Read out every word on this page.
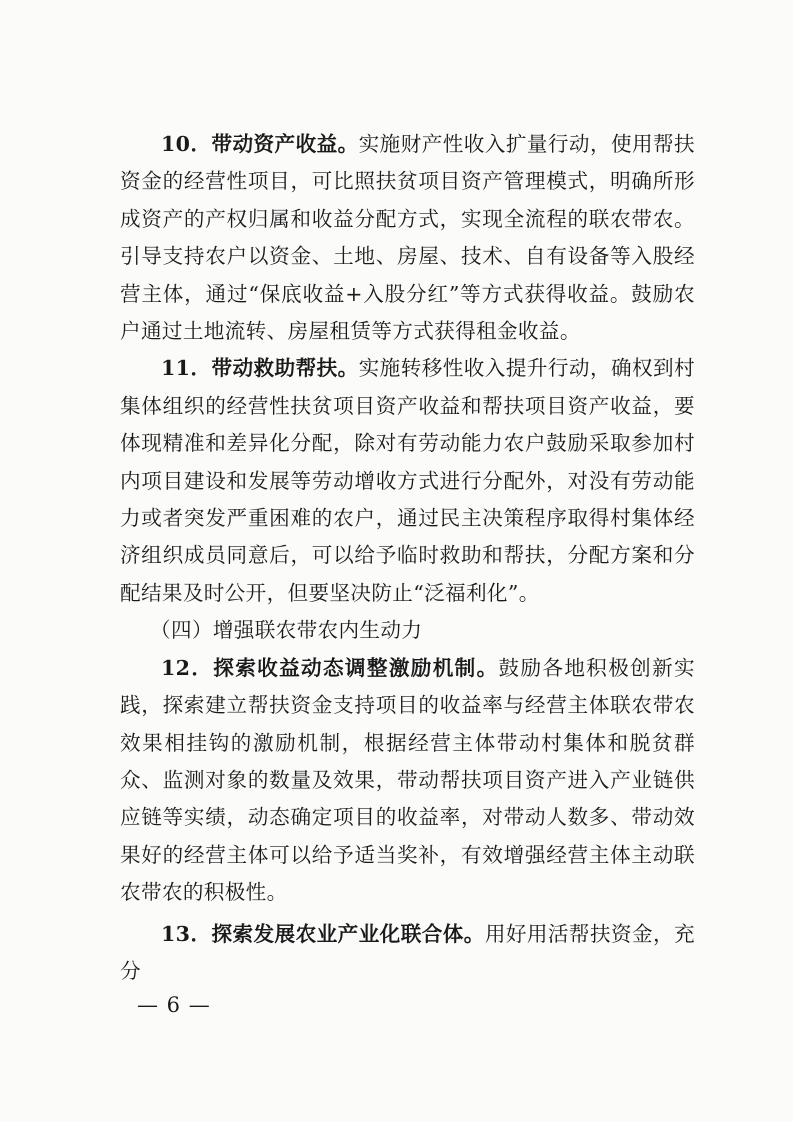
10．带动资产收益。实施财产性收入扩量行动，使用帮扶资金的经营性项目，可比照扶贫项目资产管理模式，明确所形成资产的产权归属和收益分配方式，实现全流程的联农带农。引导支持农户以资金、土地、房屋、技术、自有设备等入股经营主体，通过“保底收益+入股分红”等方式获得收益。鼓励农户通过土地流转、房屋租赁等方式获得租金收益。

11．带动救助帮扶。实施转移性收入提升行动，确权到村集体组织的经营性扶贫项目资产收益和帮扶项目资产收益，要体现精准和差异化分配，除对有劳动能力农户鼓励采取参加村内项目建设和发展等劳动增收方式进行分配外，对没有劳动能力或者突发严重困难的农户，通过民主决策程序取得村集体经济组织成员同意后，可以给予临时救助和帮扶，分配方案和分配结果及时公开，但要坚决防止“泛福利化”。

（四）增强联农带农内生动力

12．探索收益动态调整激励机制。鼓励各地积极创新实践，探索建立帮扶资金支持项目的收益率与经营主体联农带农效果相挂钩的激励机制，根据经营主体带动村集体和脱贫群众、监测对象的数量及效果，带动帮扶项目资产进入产业链供应链等实绩，动态确定项目的收益率，对带动人数多、带动效果好的经营主体可以给予适当奖补，有效增强经营主体主动联农带农的积极性。

13．探索发展农业产业化联合体。用好用活帮扶资金，充分

— 6 —
